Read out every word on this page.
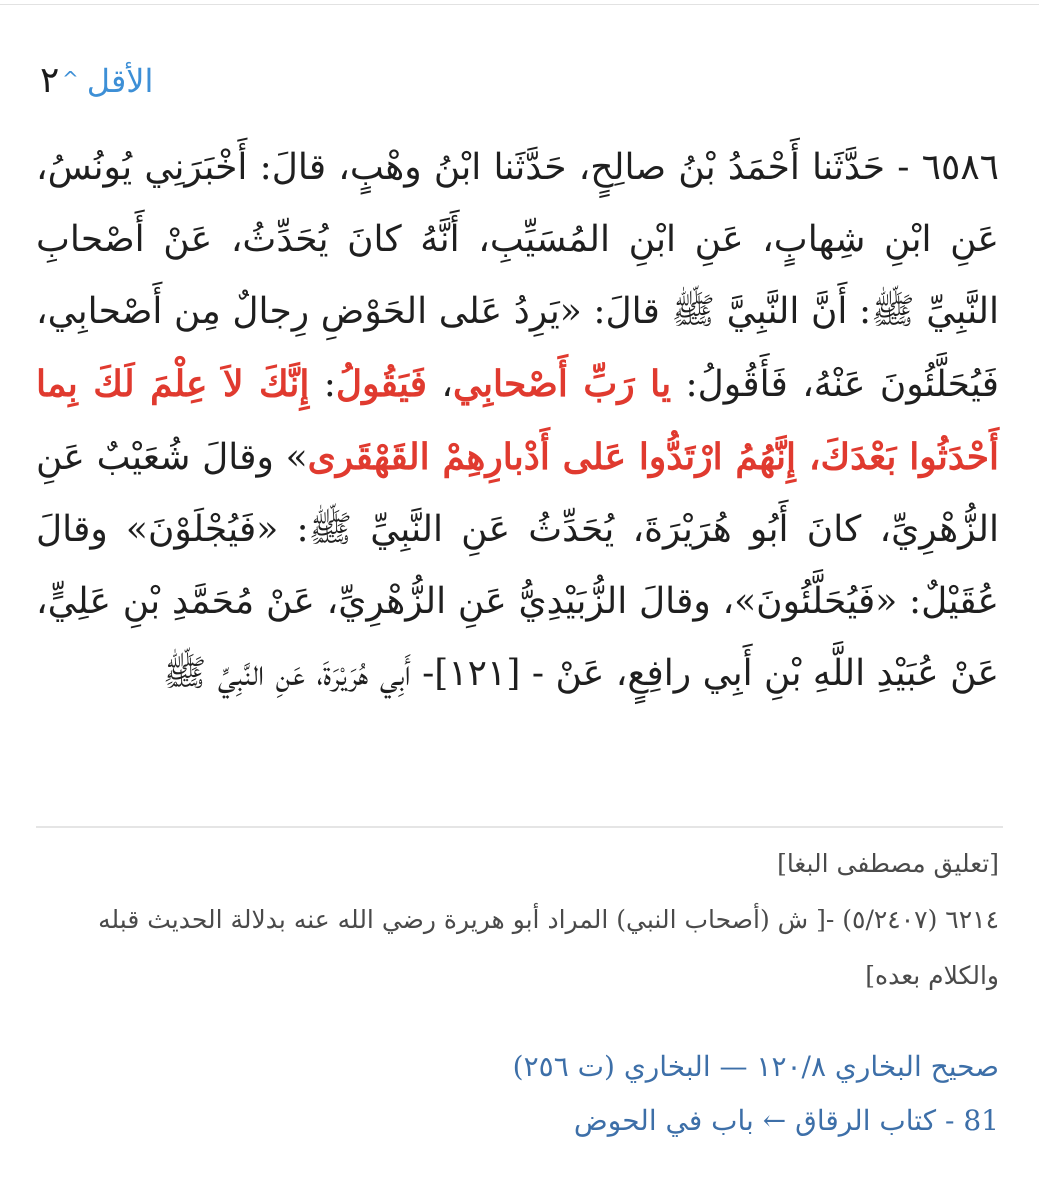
٢ الأقل
^
٦٥٨٦ - حَدَّثَنا أَحْمَدُ بْنُ صالِحٍ، حَدَّثَنا ابْنُ وهْبٍ، قالَ: أَخْبَرَنِي يُونُسُ، عَنِ ابْنِ شِهابٍ، عَنِ ابْنِ المُسَيِّبِ، أَنَّهُ كانَ يُحَدِّثُ، عَنْ أَصْحابِ النَّبِيِّ ﷺ: أَنَّ النَّبِيَّ ﷺ قالَ: «يَرِدُ عَلى الحَوْضِ رِجالٌ مِن أَصْحابِي، فَيُحَلَّئُونَ عَنْهُ، فَأَقُولُ: يا رَبِّ أَصْحابِي، فَيَقُولُ: إِنَّكَ لاَ عِلْمَ لَكَ بِما أَحْدَثُوا بَعْدَكَ، إِنَّهُمُ ارْتَدُّوا عَلى أَدْبارِهِمْ القَهْقَرى» وقالَ شُعَيْبٌ عَنِ الزُّهْرِيِّ، كانَ أَبُو هُرَيْرَةَ، يُحَدِّثُ عَنِ النَّبِيِّ ﷺ: «فَيُجْلَوْنَ» وقالَ عُقَيْلٌ: «فَيُحَلَّئُونَ»، وقالَ الزُّبَيْدِيُّ عَنِ الزُّهْرِيِّ، عَنْ مُحَمَّدِ بْنِ عَلِيٍّ، عَنْ عُبَيْدِ اللَّهِ بْنِ أَبِي رافِعٍ، عَنْ - [١٢١]- أَبِي هُرَيْرَةَ، عَنِ النَّبِيِّ ﷺ
[تعليق مصطفى البغا]
٦٢١٤ (٥/٢٤٠٧) -[ ش (أصحاب النبي) المراد أبو هريرة رضي الله عنه بدلالة الحديث قبله والكلام بعده]
صحيح البخاري ١٢٠/٨ — البخاري (ت ٢٥٦)
81 - كتاب الرقاق ← باب في الحوض
